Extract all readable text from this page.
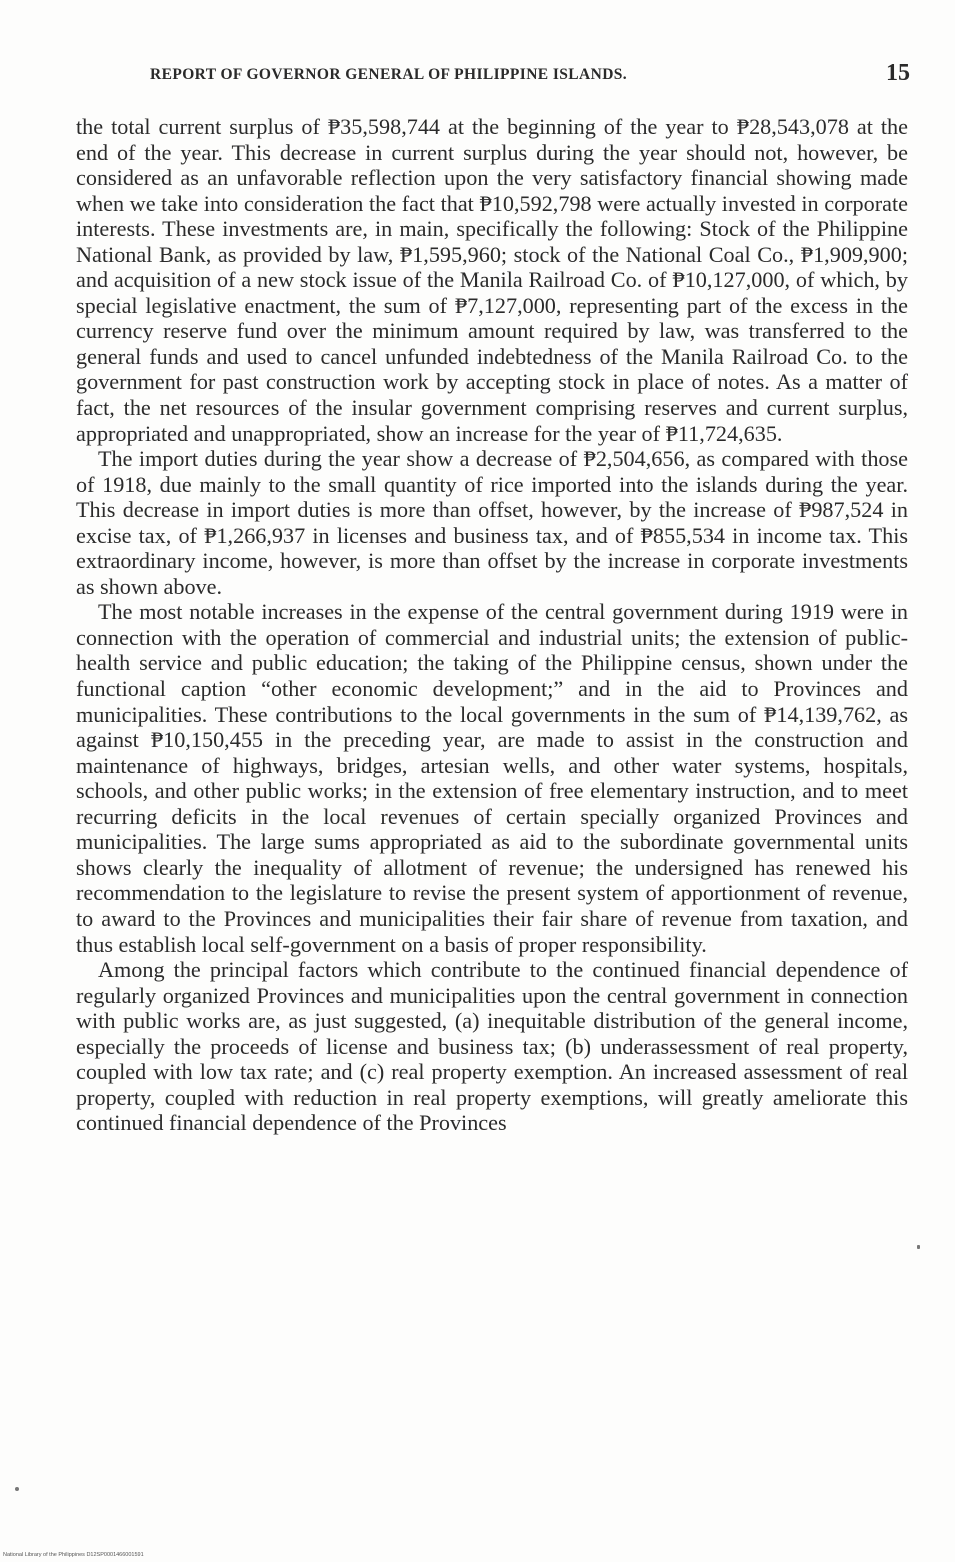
REPORT OF GOVERNOR GENERAL OF PHILIPPINE ISLANDS.	15

the total current surplus of ₱35,598,744 at the beginning of the year to ₱28,543,078 at the end of the year. This decrease in current surplus during the year should not, however, be considered as an unfavorable reflection upon the very satisfactory financial showing made when we take into consideration the fact that ₱10,592,798 were actually invested in corporate interests. These investments are, in main, specifically the following: Stock of the Philippine National Bank, as provided by law, ₱1,595,960; stock of the National Coal Co., ₱1,909,900; and acquisition of a new stock issue of the Manila Railroad Co. of ₱10,127,000, of which, by special legislative enactment, the sum of ₱7,127,000, representing part of the excess in the currency reserve fund over the minimum amount required by law, was transferred to the general funds and used to cancel unfunded indebtedness of the Manila Railroad Co. to the government for past construction work by accepting stock in place of notes. As a matter of fact, the net resources of the insular government comprising reserves and current surplus, appropriated and unappropriated, show an increase for the year of ₱11,724,635.

The import duties during the year show a decrease of ₱2,504,656, as compared with those of 1918, due mainly to the small quantity of rice imported into the islands during the year. This decrease in import duties is more than offset, however, by the increase of ₱987,524 in excise tax, of ₱1,266,937 in licenses and business tax, and of ₱855,534 in income tax. This extraordinary income, however, is more than offset by the increase in corporate investments as shown above.

The most notable increases in the expense of the central government during 1919 were in connection with the operation of commercial and industrial units; the extension of public-health service and public education; the taking of the Philippine census, shown under the functional caption “other economic development;” and in the aid to Provinces and municipalities. These contributions to the local governments in the sum of ₱14,139,762, as against ₱10,150,455 in the preceding year, are made to assist in the construction and maintenance of highways, bridges, artesian wells, and other water systems, hospitals, schools, and other public works; in the extension of free elementary instruction, and to meet recurring deficits in the local revenues of certain specially organized Provinces and municipalities. The large sums appropriated as aid to the subordinate governmental units shows clearly the inequality of allotment of revenue; the undersigned has renewed his recommendation to the legislature to revise the present system of apportionment of revenue, to award to the Provinces and municipalities their fair share of revenue from taxation, and thus establish local self-government on a basis of proper responsibility.

Among the principal factors which contribute to the continued financial dependence of regularly organized Provinces and municipalities upon the central government in connection with public works are, as just suggested, (a) inequitable distribution of the general income, especially the proceeds of license and business tax; (b) underassessment of real property, coupled with low tax rate; and (c) real property exemption. An increased assessment of real property, coupled with reduction in real property exemptions, will greatly ameliorate this continued financial dependence of the Provinces

National Library of the Philippines D12SP0001466001591
